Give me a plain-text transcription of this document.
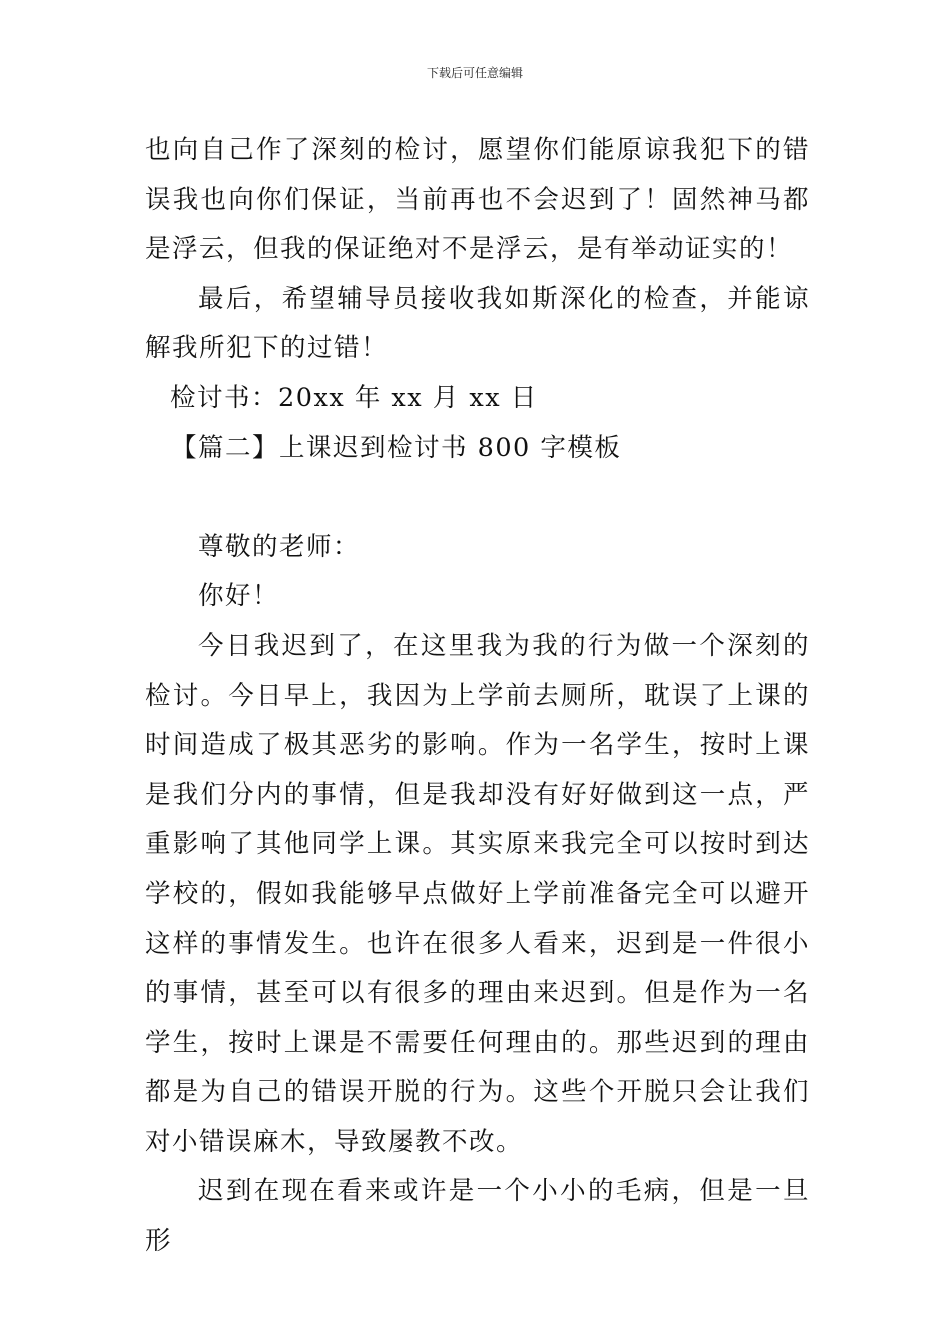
下载后可任意编辑

也向自己作了深刻的检讨，愿望你们能原谅我犯下的错误我也向你们保证，当前再也不会迟到了！固然神马都是浮云，但我的保证绝对不是浮云，是有举动证实的！

最后，希望辅导员接收我如斯深化的检查，并能谅解我所犯下的过错！

检讨书：20xx 年 xx 月 xx 日

【篇二】上课迟到检讨书 800 字模板

尊敬的老师：

你好！

今日我迟到了，在这里我为我的行为做一个深刻的检讨。今日早上，我因为上学前去厕所，耽误了上课的时间造成了极其恶劣的影响。作为一名学生，按时上课是我们分内的事情，但是我却没有好好做到这一点，严重影响了其他同学上课。其实原来我完全可以按时到达学校的，假如我能够早点做好上学前准备完全可以避开这样的事情发生。也许在很多人看来，迟到是一件很小的事情，甚至可以有很多的理由来迟到。但是作为一名学生，按时上课是不需要任何理由的。那些迟到的理由都是为自己的错误开脱的行为。这些个开脱只会让我们对小错误麻木，导致屡教不改。

迟到在现在看来或许是一个小小的毛病，但是一旦形
